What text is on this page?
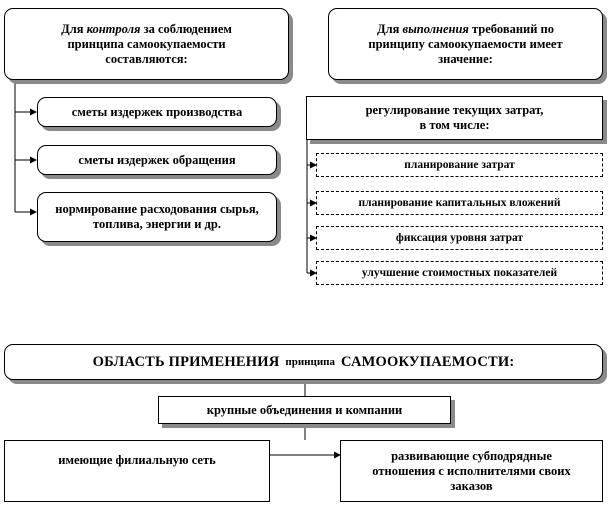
Для контроля за соблюдением
принципа самоокупаемости
составляются:
сметы издержек производства
сметы издержек обращения
нормирование расходования сырья, топлива, энергии и др.
Для выполнения требований по
принципу самоокупаемости имеет
значение:
регулирование текущих затрат,
в том числе:
планирование затрат
планирование капитальных вложений
фиксация уровня затрат
улучшение стоимостных показателей
ОБЛАСТЬ ПРИМЕНЕНИЯ принципа САМООКУПАЕМОСТИ:
крупные объединения и компании
имеющие филиальную сеть	развивающие субподрядные отношения с исполнителями своих заказов
